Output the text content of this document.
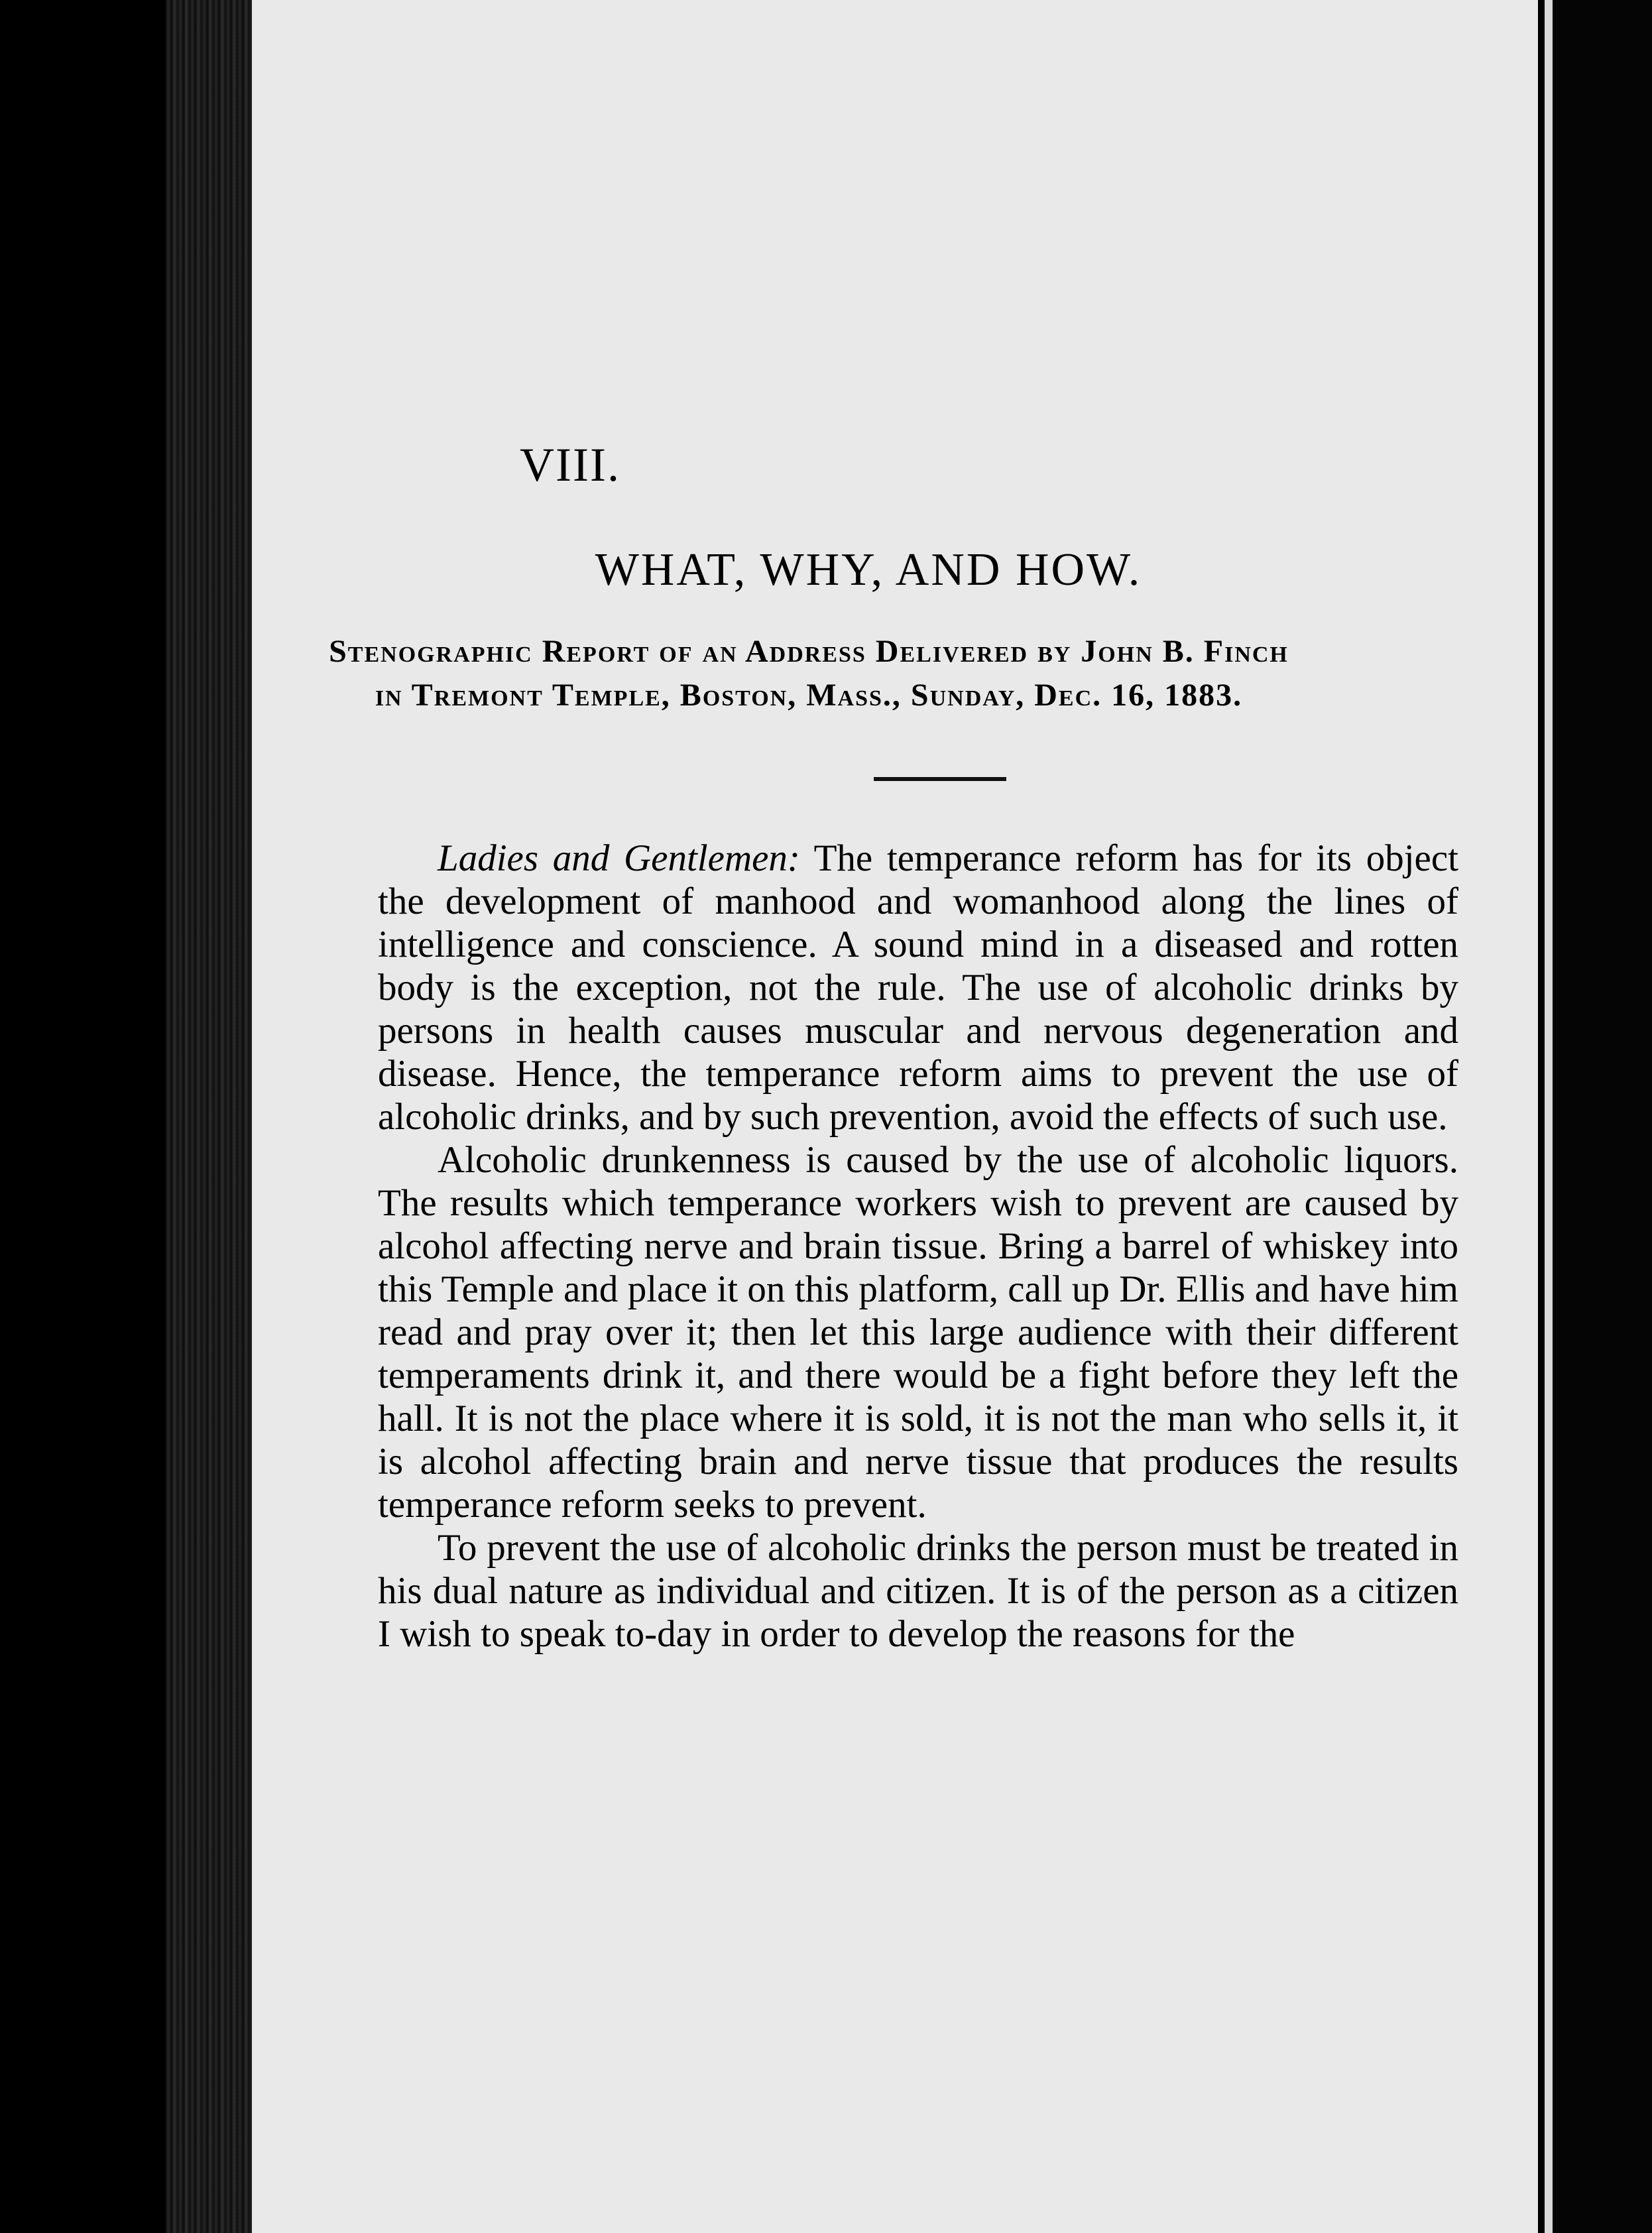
VIII.
WHAT, WHY, AND HOW.
Stenographic Report of an Address Delivered by John B. Finch
in Tremont Temple, Boston, Mass., Sunday, Dec. 16, 1883.

Ladies and Gentlemen: The temperance reform has for its object the development of manhood and womanhood along the lines of intelligence and conscience. A sound mind in a diseased and rotten body is the exception, not the rule. The use of alcoholic drinks by persons in health causes muscular and nervous degeneration and disease. Hence, the temperance reform aims to prevent the use of alcoholic drinks, and by such prevention, avoid the effects of such use.

Alcoholic drunkenness is caused by the use of alcoholic liquors. The results which temperance workers wish to prevent are caused by alcohol affecting nerve and brain tissue. Bring a barrel of whiskey into this Temple and place it on this platform, call up Dr. Ellis and have him read and pray over it; then let this large audience with their different temperaments drink it, and there would be a fight before they left the hall. It is not the place where it is sold, it is not the man who sells it, it is alcohol affecting brain and nerve tissue that produces the results temperance reform seeks to prevent.

To prevent the use of alcoholic drinks the person must be treated in his dual nature as individual and citizen. It is of the person as a citizen I wish to speak to-day in order to develop the reasons for the
